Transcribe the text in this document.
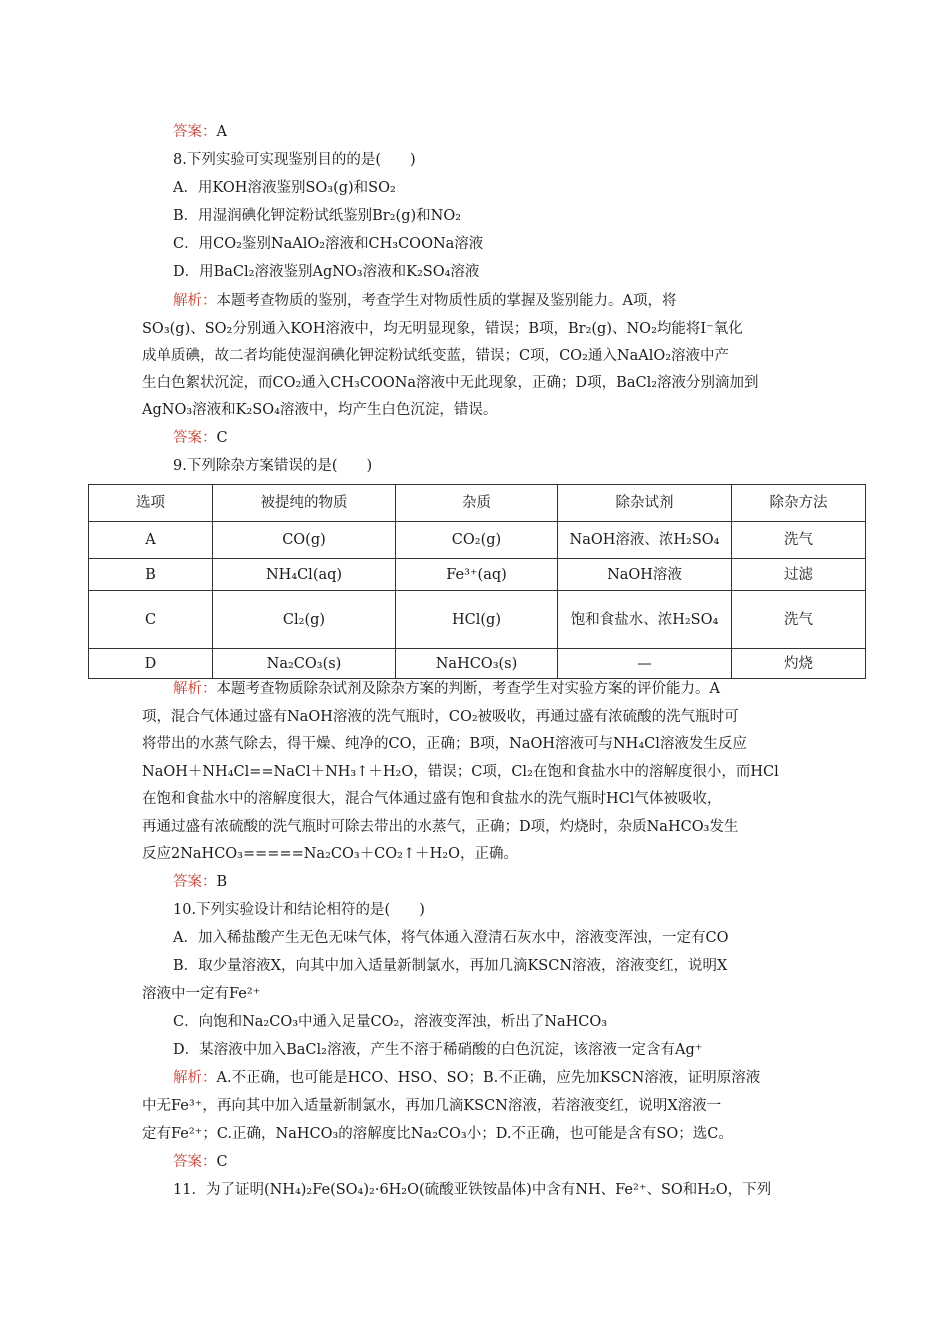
答案：A
8.下列实验可实现鉴别目的的是(　　)
A．用KOH溶液鉴别SO₃(g)和SO₂
B．用湿润碘化钾淀粉试纸鉴别Br₂(g)和NO₂
C．用CO₂鉴别NaAlO₂溶液和CH₃COONa溶液
D．用BaCl₂溶液鉴别AgNO₃溶液和K₂SO₄溶液
解析：本题考查物质的鉴别，考查学生对物质性质的掌握及鉴别能力。A项，将
SO₃(g)、SO₂分别通入KOH溶液中，均无明显现象，错误；B项，Br₂(g)、NO₂均能将I⁻氧化
成单质碘，故二者均能使湿润碘化钾淀粉试纸变蓝，错误；C项，CO₂通入NaAlO₂溶液中产
生白色絮状沉淀，而CO₂通入CH₃COONa溶液中无此现象，正确；D项，BaCl₂溶液分别滴加到
AgNO₃溶液和K₂SO₄溶液中，均产生白色沉淀，错误。
答案：C
9.下列除杂方案错误的是(　　)
选项	被提纯的物质	杂质	除杂试剂	除杂方法
A	CO(g)	CO₂(g)	NaOH溶液、浓H₂SO₄	洗气
B	NH₄Cl(aq)	Fe³⁺(aq)	NaOH溶液	过滤
C	Cl₂(g)	HCl(g)	饱和食盐水、浓H₂SO₄	洗气
D	Na₂CO₃(s)	NaHCO₃(s)	—	灼烧
解析：本题考查物质除杂试剂及除杂方案的判断，考查学生对实验方案的评价能力。A
项，混合气体通过盛有NaOH溶液的洗气瓶时，CO₂被吸收，再通过盛有浓硫酸的洗气瓶时可
将带出的水蒸气除去，得干燥、纯净的CO，正确；B项，NaOH溶液可与NH₄Cl溶液发生反应
NaOH＋NH₄Cl==NaCl＋NH₃↑＋H₂O，错误；C项，Cl₂在饱和食盐水中的溶解度很小，而HCl
在饱和食盐水中的溶解度很大，混合气体通过盛有饱和食盐水的洗气瓶时HCl气体被吸收，
再通过盛有浓硫酸的洗气瓶时可除去带出的水蒸气，正确；D项，灼烧时，杂质NaHCO₃发生
反应2NaHCO₃=====Na₂CO₃＋CO₂↑＋H₂O，正确。
答案：B
10.下列实验设计和结论相符的是(　　)
A．加入稀盐酸产生无色无味气体，将气体通入澄清石灰水中，溶液变浑浊，一定有CO
B．取少量溶液X，向其中加入适量新制氯水，再加几滴KSCN溶液，溶液变红，说明X
溶液中一定有Fe²⁺
C．向饱和Na₂CO₃中通入足量CO₂，溶液变浑浊，析出了NaHCO₃
D．某溶液中加入BaCl₂溶液，产生不溶于稀硝酸的白色沉淀，该溶液一定含有Ag⁺
解析：A.不正确，也可能是HCO、HSO、SO；B.不正确，应先加KSCN溶液，证明原溶液
中无Fe³⁺，再向其中加入适量新制氯水，再加几滴KSCN溶液，若溶液变红，说明X溶液一
定有Fe²⁺；C.正确，NaHCO₃的溶解度比Na₂CO₃小；D.不正确，也可能是含有SO；选C。
答案：C
11．为了证明(NH₄)₂Fe(SO₄)₂·6H₂O(硫酸亚铁铵晶体)中含有NH、Fe²⁺、SO和H₂O，下列
